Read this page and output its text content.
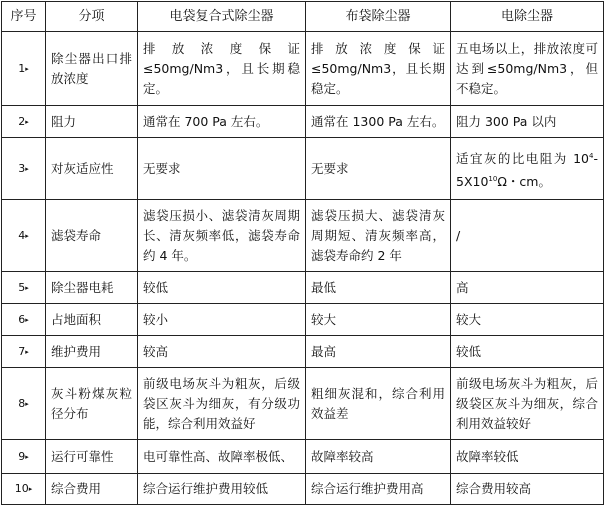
序号	分项	电袋复合式除尘器	布袋除尘器	电除尘器
1▸	除尘器出口排放浓度	排放浓度保证≤50mg/Nm3，且长期稳定。	排放浓度保证≤50mg/Nm3，且长期稳定。	五电场以上，排放浓度可达到≤50mg/Nm3，但不稳定。
2▸	阻力	通常在 700 Pa 左右。	通常在 1300 Pa 左右。	阻力 300 Pa 以内
3▸	对灰适应性	无要求	无要求	适宜灰的比电阻为 $10^4-5X10^{10}\Omega$・cm。
4▸	滤袋寿命	滤袋压损小、滤袋清灰周期长、清灰频率低，滤袋寿命约 4 年。	滤袋压损大、滤袋清灰周期短、清灰频率高，滤袋寿命约 2 年	/
5▸	除尘器电耗	较低	最低	高
6▸	占地面积	较小	较大	较大
7▸	维护费用	较高	最高	较低
8▸	灰斗粉煤灰粒径分布	前级电场灰斗为粗灰，后级袋区灰斗为细灰，有分级功能，综合利用效益好	粗细灰混和，综合利用效益差	前级电场灰斗为粗灰，后级袋区灰斗为细灰，综合利用效益较好
9▸	运行可靠性	电可靠性高、故障率极低、	故障率较高	故障率较低
10▸	综合费用	综合运行维护费用较低	综合运行维护费用高	综合费用较高
